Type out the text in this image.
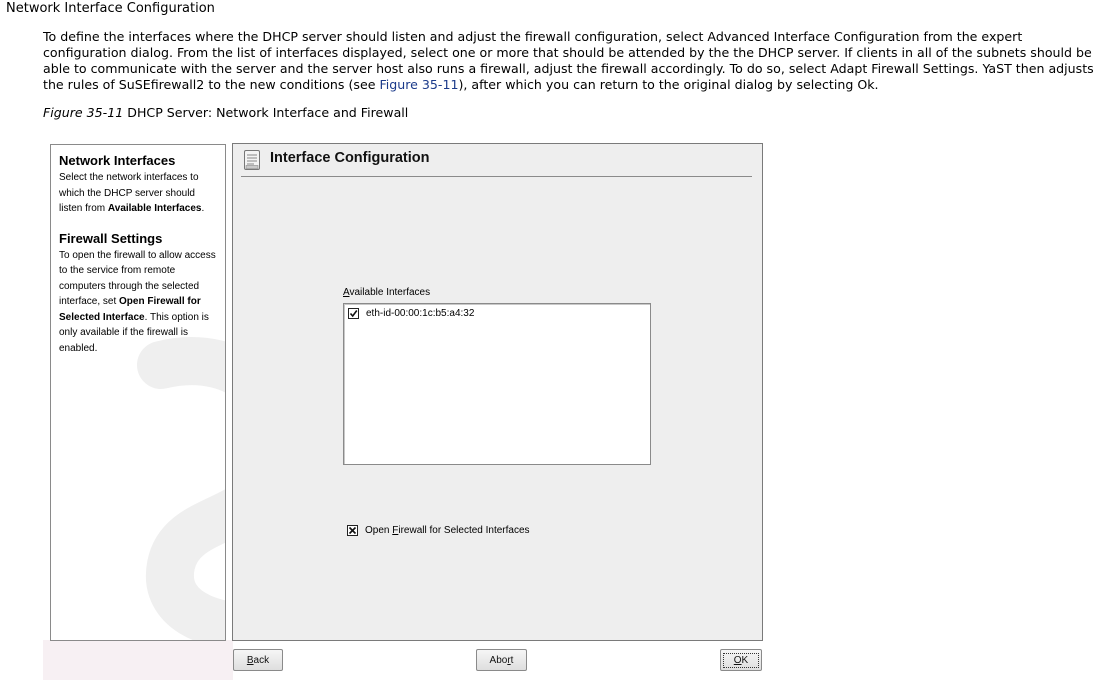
Network Interface Configuration

To define the interfaces where the DHCP server should listen and adjust the firewall configuration, select Advanced Interface Configuration from the expert configuration dialog. From the list of interfaces displayed, select one or more that should be attended by the the DHCP server. If clients in all of the subnets should be able to communicate with the server and the server host also runs a firewall, adjust the firewall accordingly. To do so, select Adapt Firewall Settings. YaST then adjusts the rules of SuSEfirewall2 to the new conditions (see Figure 35-11), after which you can return to the original dialog by selecting Ok.

Figure 35-11 DHCP Server: Network Interface and Firewall

Network Interfaces

Select the network interfaces to which the DHCP server should listen from Available Interfaces.

Firewall Settings

To open the firewall to allow access to the service from remote computers through the selected interface, set Open Firewall for Selected Interface. This option is only available if the firewall is enabled.

Interface Configuration
Available Interfaces
eth-id-00:00:1c:b5:a4:32
Open Firewall for Selected Interfaces
B ack	Abo r t	OK
